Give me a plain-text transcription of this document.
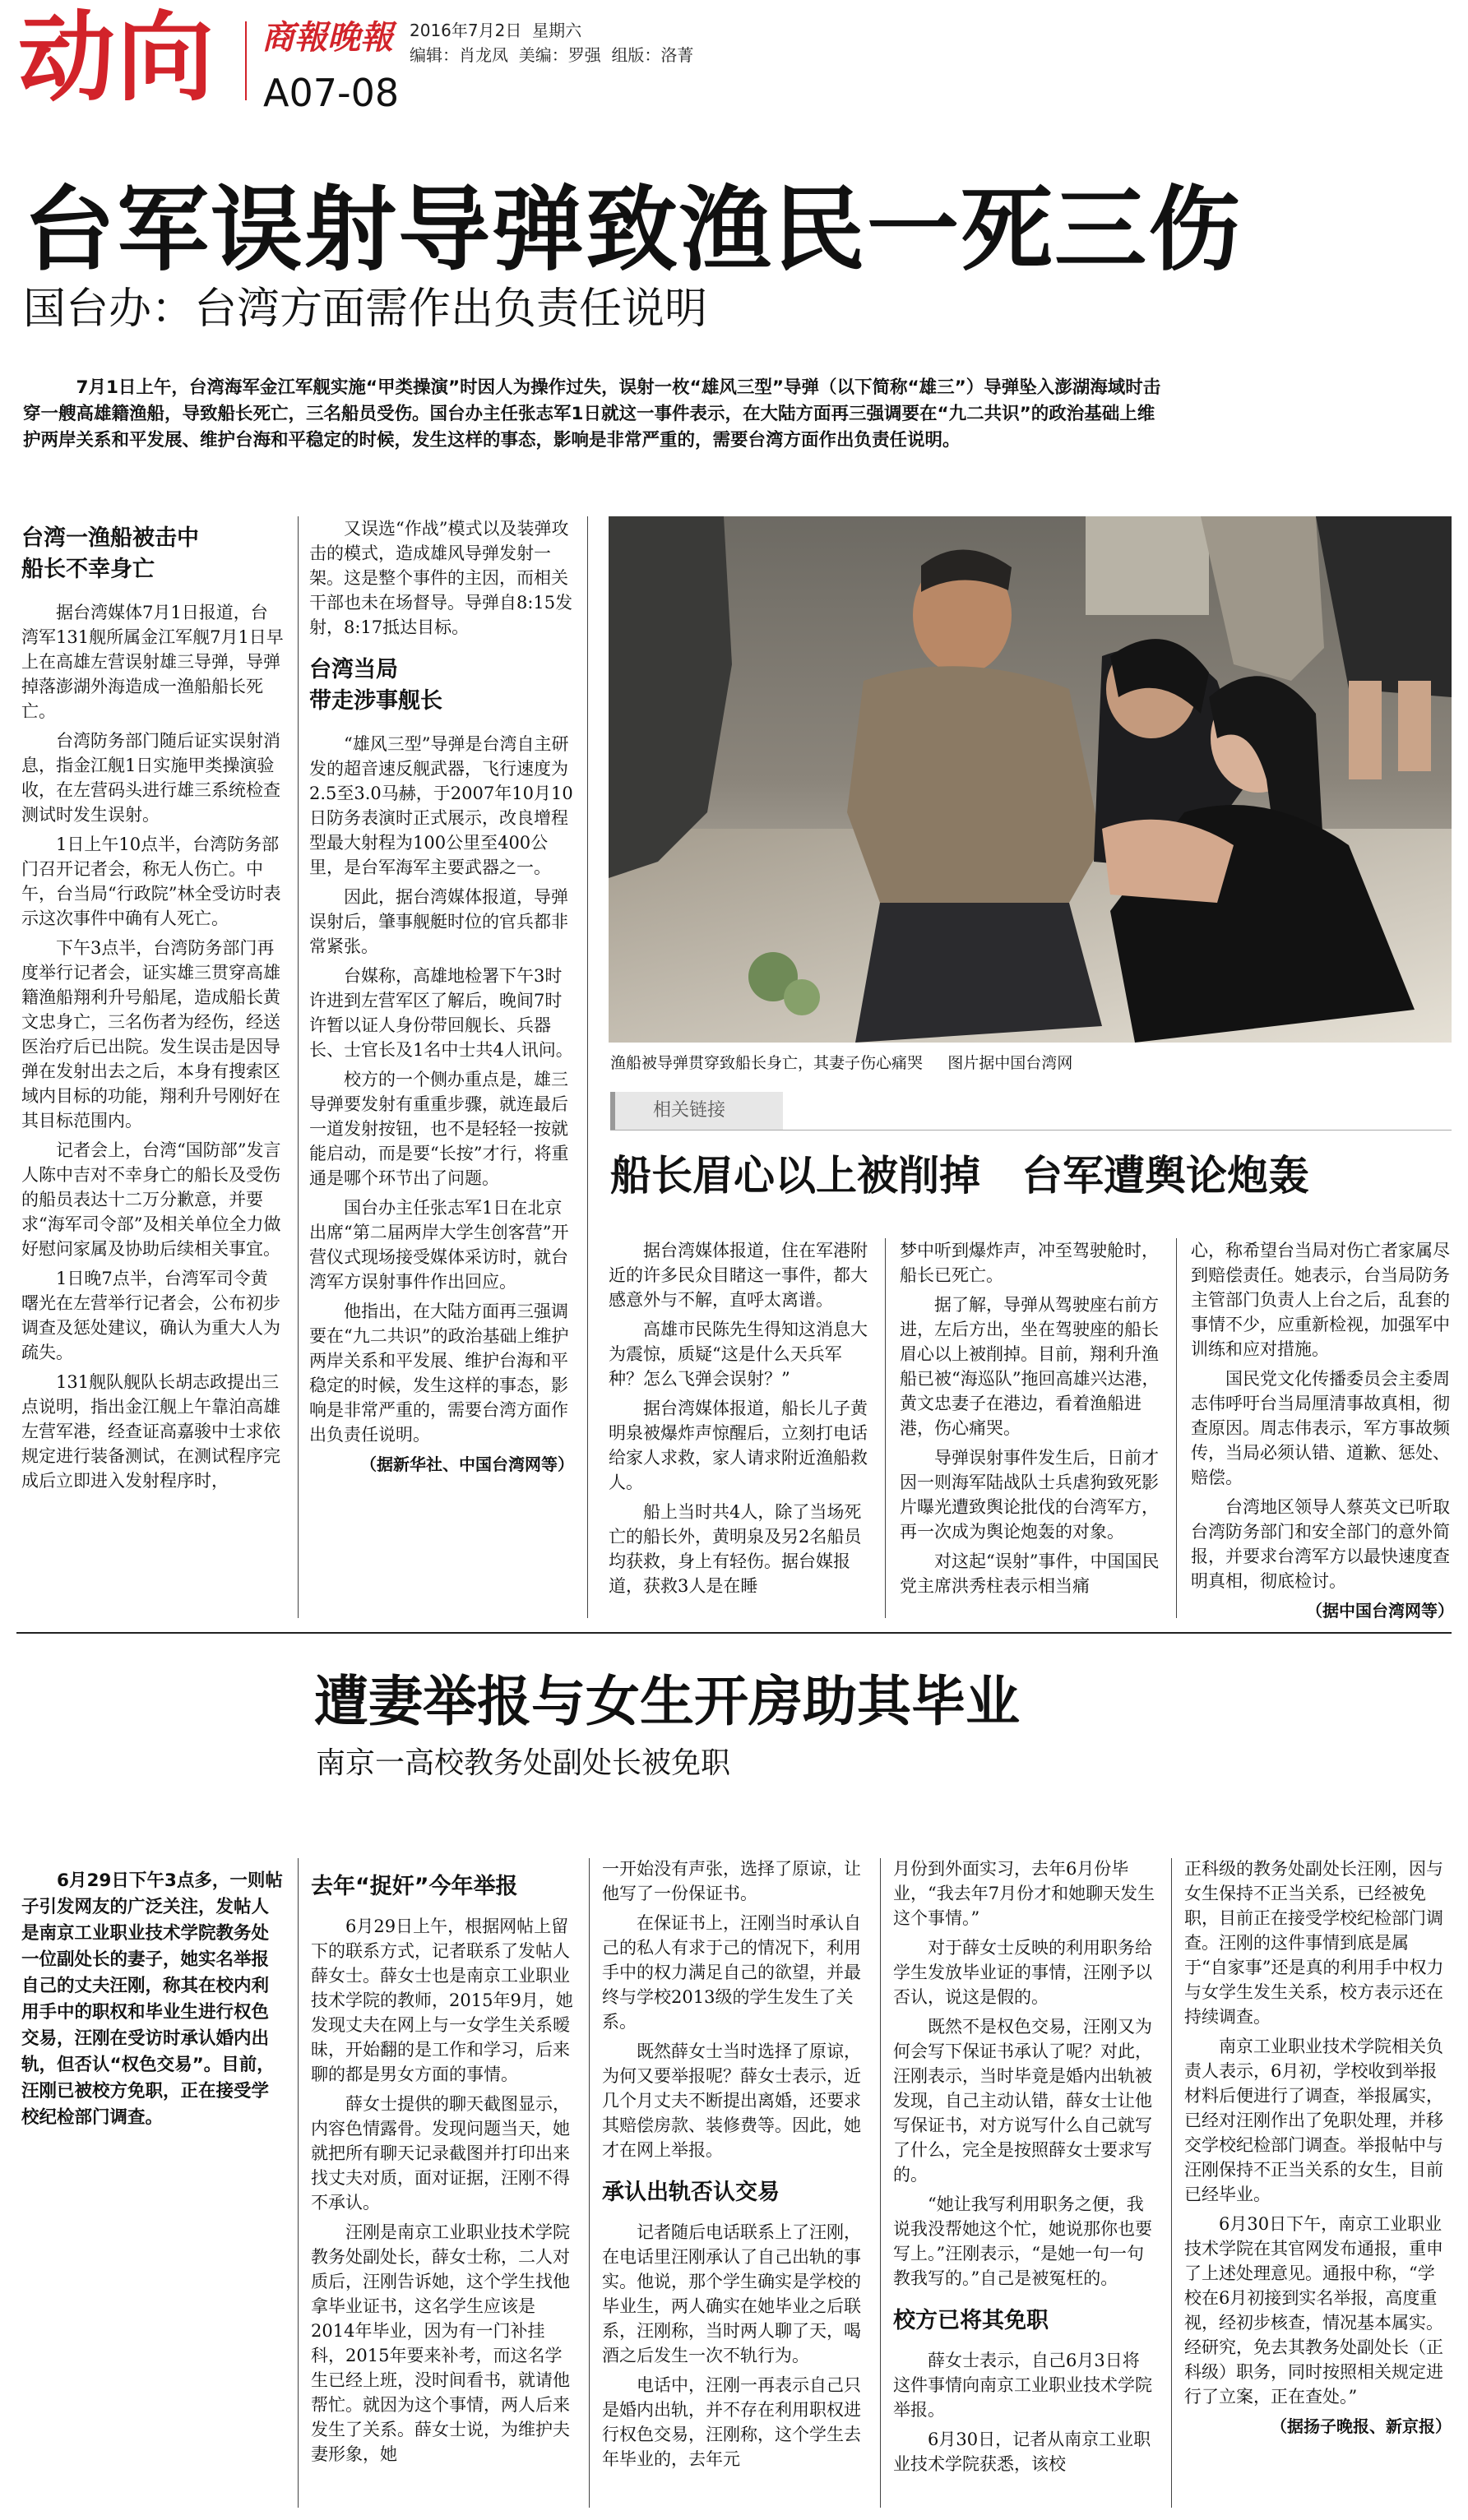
动向 商報晚報
A07-08
2016年7月2日 星期六
编辑：肖龙凤 美编：罗强 组版：洛菁
台军误射导弹致渔民一死三伤
国台办：台湾方面需作出负责任说明
7月1日上午，台湾海军金江军舰实施“甲类操演”时因人为操作过失，误射一枚“雄风三型”导弹（以下简称“雄三”）导弹坠入澎湖海域时击穿一艘高雄籍渔船，导致船长死亡，三名船员受伤。国台办主任张志军1日就这一事件表示，在大陆方面再三强调要在“九二共识”的政治基础上维护两岸关系和平发展、维护台海和平稳定的时候，发生这样的事态，影响是非常严重的，需要台湾方面作出负责任说明。
台湾一渔船被击中
船长不幸身亡

据台湾媒体7月1日报道，台湾军131舰所属金江军舰7月1日早上在高雄左营误射雄三导弹，导弹掉落澎湖外海造成一渔船船长死亡。

台湾防务部门随后证实误射消息，指金江舰1日实施甲类操演验收，在左营码头进行雄三系统检查测试时发生误射。

1日上午10点半，台湾防务部门召开记者会，称无人伤亡。中午，台当局“行政院”林全受访时表示这次事件中确有人死亡。

下午3点半，台湾防务部门再度举行记者会，证实雄三贯穿高雄籍渔船翔利升号船尾，造成船长黄文忠身亡，三名伤者为经伤，经送医治疗后已出院。发生误击是因导弹在发射出去之后，本身有搜索区域内目标的功能，翔利升号刚好在其目标范围内。

记者会上，台湾“国防部”发言人陈中吉对不幸身亡的船长及受伤的船员表达十二万分歉意，并要求“海军司令部”及相关单位全力做好慰问家属及协助后续相关事宜。

1日晚7点半，台湾军司令黄曙光在左营举行记者会，公布初步调查及惩处建议，确认为重大人为疏失。

131舰队舰队长胡志政提出三点说明，指出金江舰上午靠泊高雄左营军港，经查证高嘉骏中士求依规定进行装备测试，在测试程序完成后立即进入发射程序时，

又误选“作战”模式以及装弹攻击的模式，造成雄风导弹发射一架。这是整个事件的主因，而相关干部也未在场督导。导弹自8:15发射，8:17抵达目标。

台湾当局
带走涉事舰长

“雄风三型”导弹是台湾自主研发的超音速反舰武器，飞行速度为2.5至3.0马赫，于2007年10月10日防务表演时正式展示，改良增程型最大射程为100公里至400公里，是台军海军主要武器之一。

因此，据台湾媒体报道，导弹误射后，肇事舰艇时位的官兵都非常紧张。

台媒称，高雄地检署下午3时许进到左营军区了解后，晚间7时许暂以证人身份带回舰长、兵器长、士官长及1名中士共4人讯问。

校方的一个侧办重点是，雄三导弹要发射有重重步骤，就连最后一道发射按钮，也不是轻轻一按就能启动，而是要“长按”才行，将重通是哪个环节出了问题。

国台办主任张志军1日在北京出席“第二届两岸大学生创客营”开营仪式现场接受媒体采访时，就台湾军方误射事件作出回应。

他指出，在大陆方面再三强调要在“九二共识”的政治基础上维护两岸关系和平发展、维护台海和平稳定的时候，发生这样的事态，影响是非常严重的，需要台湾方面作出负责任说明。

（据新华社、中国台湾网等）

渔船被导弹贯穿致船长身亡，其妻子伤心痛哭 图片据中国台湾网
相关链接
船长眉心以上被削掉　台军遭舆论炮轰

据台湾媒体报道，住在军港附近的许多民众目睹这一事件，都大感意外与不解，直呼太离谱。

高雄市民陈先生得知这消息大为震惊，质疑“这是什么天兵军种？怎么飞弹会误射？”

据台湾媒体报道，船长儿子黄明泉被爆炸声惊醒后，立刻打电话给家人求救，家人请求附近渔船救人。

船上当时共4人，除了当场死亡的船长外，黄明泉及另2名船员均获救，身上有轻伤。据台媒报道，获救3人是在睡

梦中听到爆炸声，冲至驾驶舱时，船长已死亡。

据了解，导弹从驾驶座右前方进，左后方出，坐在驾驶座的船长眉心以上被削掉。目前，翔利升渔船已被“海巡队”拖回高雄兴达港，黄文忠妻子在港边，看着渔船进港，伤心痛哭。

导弹误射事件发生后，日前才因一则海军陆战队士兵虐狗致死影片曝光遭致舆论批伐的台湾军方，再一次成为舆论炮轰的对象。

对这起“误射”事件，中国国民党主席洪秀柱表示相当痛

心，称希望台当局对伤亡者家属尽到赔偿责任。她表示，台当局防务主管部门负责人上台之后，乱套的事情不少，应重新检视，加强军中训练和应对措施。

国民党文化传播委员会主委周志伟呼吁台当局厘清事故真相，彻查原因。周志伟表示，军方事故频传，当局必须认错、道歉、惩处、赔偿。

台湾地区领导人蔡英文已听取台湾防务部门和安全部门的意外简报，并要求台湾军方以最快速度查明真相，彻底检讨。

（据中国台湾网等）

遭妻举报与女生开房助其毕业
南京一高校教务处副处长被免职
6月29日下午3点多，一则帖子引发网友的广泛关注，发帖人是南京工业职业技术学院教务处一位副处长的妻子，她实名举报自己的丈夫汪刚，称其在校内利用手中的职权和毕业生进行权色交易，汪刚在受访时承认婚内出轨，但否认“权色交易”。目前，汪刚已被校方免职，正在接受学校纪检部门调查。
去年“捉奸”今年举报

6月29日上午，根据网帖上留下的联系方式，记者联系了发帖人薛女士。薛女士也是南京工业职业技术学院的教师，2015年9月，她发现丈夫在网上与一女学生关系暧昧，开始翻的是工作和学习，后来聊的都是男女方面的事情。

薛女士提供的聊天截图显示，内容色情露骨。发现问题当天，她就把所有聊天记录截图并打印出来找丈夫对质，面对证据，汪刚不得不承认。

汪刚是南京工业职业技术学院教务处副处长，薛女士称，二人对质后，汪刚告诉她，这个学生找他拿毕业证书，这名学生应该是2014年毕业，因为有一门补挂科，2015年要来补考，而这名学生已经上班，没时间看书，就请他帮忙。就因为这个事情，两人后来发生了关系。薛女士说，为维护夫妻形象，她

一开始没有声张，选择了原谅，让他写了一份保证书。

在保证书上，汪刚当时承认自己的私人有求于己的情况下，利用手中的权力满足自己的欲望，并最终与学校2013级的学生发生了关系。

既然薛女士当时选择了原谅，为何又要举报呢？薛女士表示，近几个月丈夫不断提出离婚，还要求其赔偿房款、装修费等。因此，她才在网上举报。

承认出轨否认交易

记者随后电话联系上了汪刚，在电话里汪刚承认了自己出轨的事实。他说，那个学生确实是学校的毕业生，两人确实在她毕业之后联系，汪刚称，当时两人聊了天，喝酒之后发生一次不轨行为。

电话中，汪刚一再表示自己只是婚内出轨，并不存在利用职权进行权色交易，汪刚称，这个学生去年毕业的，去年元

月份到外面实习，去年6月份毕业，“我去年7月份才和她聊天发生这个事情。”

对于薛女士反映的利用职务给学生发放毕业证的事情，汪刚予以否认，说这是假的。

既然不是权色交易，汪刚又为何会写下保证书承认了呢？对此，汪刚表示，当时毕竟是婚内出轨被发现，自己主动认错，薛女士让他写保证书，对方说写什么自己就写了什么，完全是按照薛女士要求写的。

“她让我写利用职务之便，我说我没帮她这个忙，她说那你也要写上。”汪刚表示，“是她一句一句教我写的。”自己是被冤枉的。

校方已将其免职

薛女士表示，自己6月3日将这件事情向南京工业职业技术学院举报。

6月30日，记者从南京工业职业技术学院获悉，该校

正科级的教务处副处长汪刚，因与女生保持不正当关系，已经被免职，目前正在接受学校纪检部门调查。汪刚的这件事情到底是属于“自家事”还是真的利用手中权力与女学生发生关系，校方表示还在持续调查。

南京工业职业技术学院相关负责人表示，6月初，学校收到举报材料后便进行了调查，举报属实，已经对汪刚作出了免职处理，并移交学校纪检部门调查。举报帖中与汪刚保持不正当关系的女生，目前已经毕业。

6月30日下午，南京工业职业技术学院在其官网发布通报，重申了上述处理意见。通报中称，“学校在6月初接到实名举报，高度重视，经初步核查，情况基本属实。经研究，免去其教务处副处长（正科级）职务，同时按照相关规定进行了立案，正在查处。”

（据扬子晚报、新京报）
